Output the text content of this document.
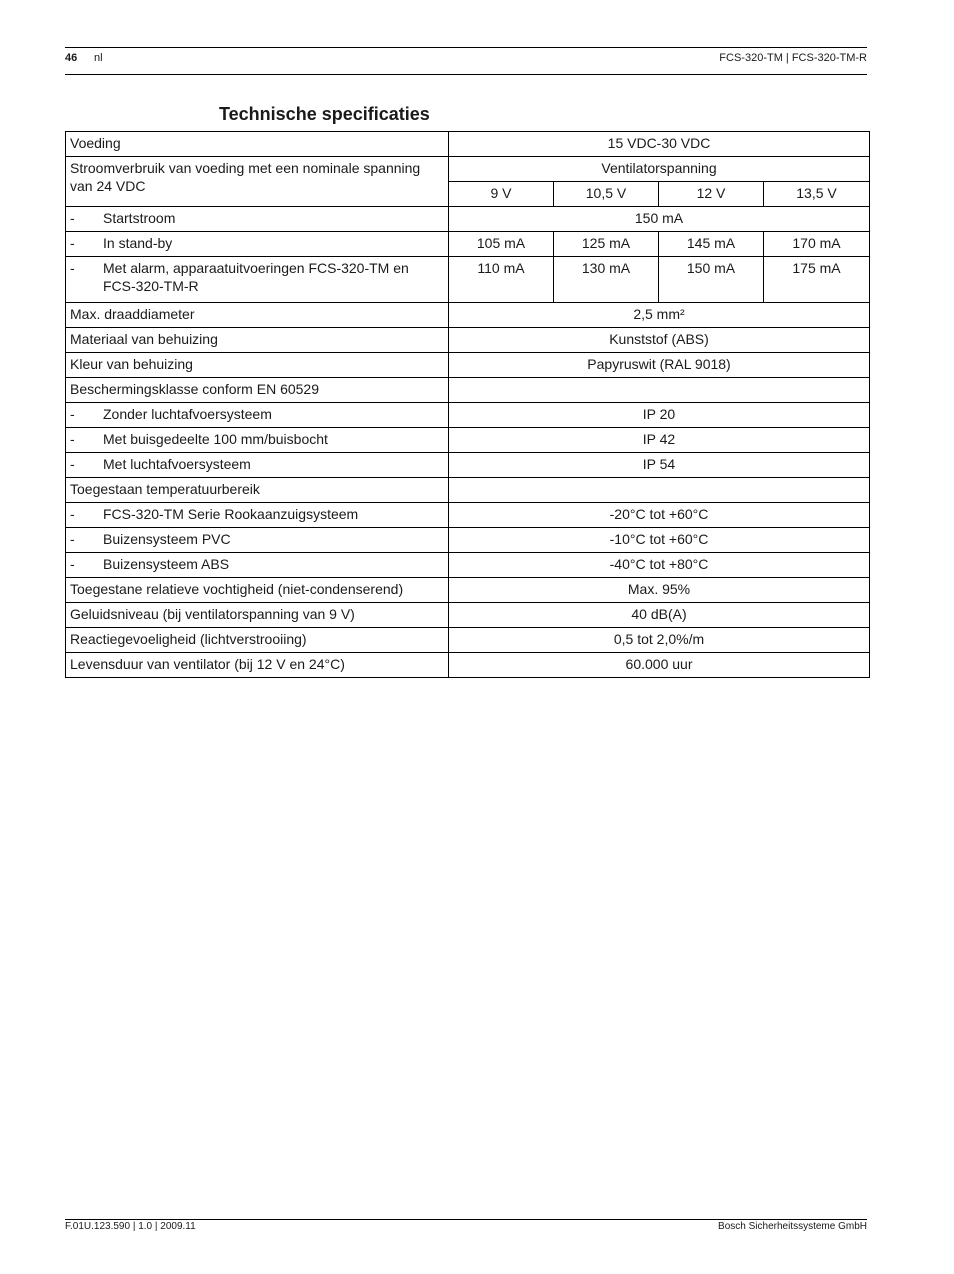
46 nl	FCS-320-TM | FCS-320-TM-R
Technische specificaties
Voeding	15 VDC-30 VDC			
Stroomverbruik van voeding met een nominale spanning van 24 VDC	Ventilatorspanning			
	9 V	10,5 V	12 V	13,5 V

- Startstroom	150 mA			

- In stand-by	105 mA	125 mA	145 mA	170 mA

- Met alarm, apparaatuitvoeringen FCS-320-TM en FCS-320-TM-R	110 mA	130 mA	150 mA	175 mA
Max. draaddiameter	2,5 mm²			
Materiaal van behuizing	Kunststof (ABS)			
Kleur van behuizing	Papyruswit (RAL 9018)			
Beschermingsklasse conform EN 60529				

- Zonder luchtafvoersysteem	IP 20			

- Met buisgedeelte 100 mm/buisbocht	IP 42			

- Met luchtafvoersysteem	IP 54			
Toegestaan temperatuurbereik				

- FCS-320-TM Serie Rookaanzuigsysteem	-20°C tot +60°C			

- Buizensysteem PVC	-10°C tot +60°C			

- Buizensysteem ABS	-40°C tot +80°C			
Toegestane relatieve vochtigheid (niet-condenserend)	Max. 95%			
Geluidsniveau (bij ventilatorspanning van 9 V)	40 dB(A)			
Reactiegevoeligheid (lichtverstrooiing)	0,5 tot 2,0%/m			
Levensduur van ventilator (bij 12 V en 24°C)	60.000 uur			
F.01U.123.590 | 1.0 | 2009.11	Bosch Sicherheitssysteme GmbH
